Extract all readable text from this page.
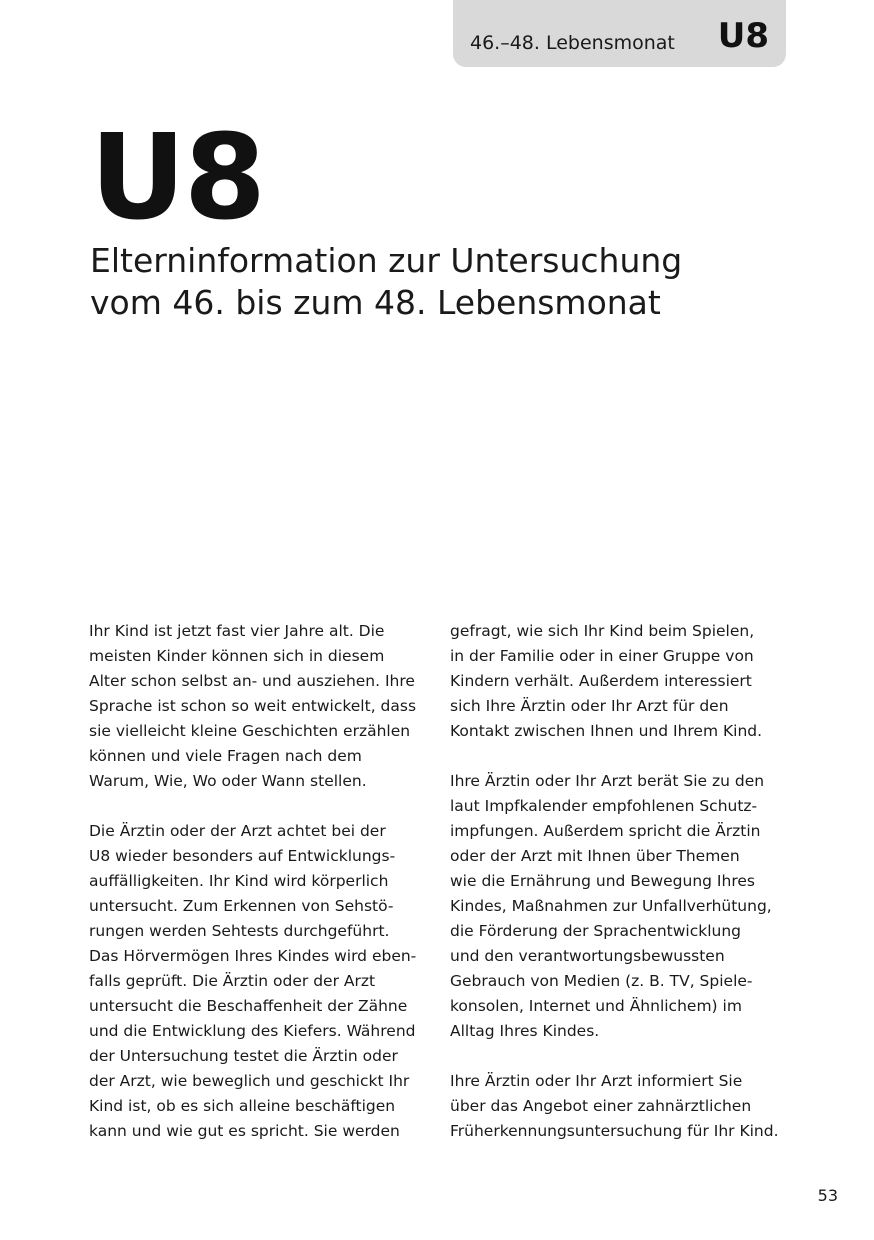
46.–48. Lebensmonat U8
U8
Elterninformation zur Untersuchung
vom 46. bis zum 48. Lebensmonat
Ihr Kind ist jetzt fast vier Jahre alt. Die
meisten Kinder können sich in diesem
Alter schon selbst an- und ausziehen. Ihre
Sprache ist schon so weit entwickelt, dass
sie vielleicht kleine Geschichten erzählen
können und viele Fragen nach dem
Warum, Wie, Wo oder Wann stellen.
Die Ärztin oder der Arzt achtet bei der
U8 wieder besonders auf Entwicklungs-
auffälligkeiten. Ihr Kind wird körperlich
untersucht. Zum Erkennen von Sehstö-
rungen werden Sehtests durchgeführt.
Das Hörvermögen Ihres Kindes wird eben-
falls geprüft. Die Ärztin oder der Arzt
untersucht die Beschaffenheit der Zähne
und die Entwicklung des Kiefers. Während
der Untersuchung testet die Ärztin oder
der Arzt, wie beweglich und geschickt Ihr
Kind ist, ob es sich alleine beschäftigen
kann und wie gut es spricht. Sie werden
gefragt, wie sich Ihr Kind beim Spielen,
in der Familie oder in einer Gruppe von
Kindern verhält. Außerdem interessiert
sich Ihre Ärztin oder Ihr Arzt für den
Kontakt zwischen Ihnen und Ihrem Kind.
Ihre Ärztin oder Ihr Arzt berät Sie zu den
laut Impfkalender empfohlenen Schutz-
impfungen. Außerdem spricht die Ärztin
oder der Arzt mit Ihnen über Themen
wie die Ernährung und Bewegung Ihres
Kindes, Maßnahmen zur Unfallverhütung,
die Förderung der Sprachentwicklung
und den verantwortungsbewussten
Gebrauch von Medien (z. B. TV, Spiele-
konsolen, Internet und Ähnlichem) im
Alltag Ihres Kindes.
Ihre Ärztin oder Ihr Arzt informiert Sie
über das Angebot einer zahnärztlichen
Früherkennungsuntersuchung für Ihr Kind.
53
